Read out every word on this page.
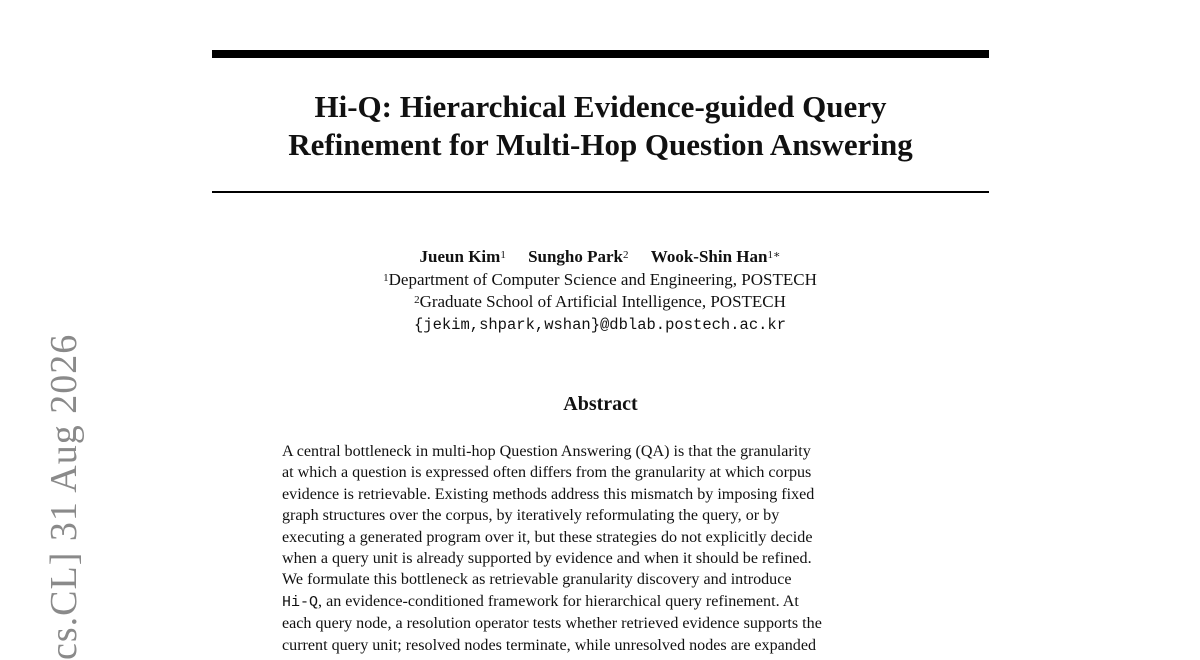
Hi-Q: Hierarchical Evidence-guided Query
Refinement for Multi-Hop Question Answering
Jueun Kim$^1$ Sungho Park$^2$ Wook-Shin Han$^{1∗}$
$^1$Department of Computer Science and Engineering, POSTECH
$^2$Graduate School of Artificial Intelligence, POSTECH
{jekim,shpark,wshan}@dblab.postech.ac.kr
Abstract
A central bottleneck in multi-hop Question Answering (QA) is that the granularity
at which a question is expressed often differs from the granularity at which corpus
evidence is retrievable. Existing methods address this mismatch by imposing fixed
graph structures over the corpus, by iteratively reformulating the query, or by
executing a generated program over it, but these strategies do not explicitly decide
when a query unit is already supported by evidence and when it should be refined.
We formulate this bottleneck as retrievable granularity discovery and introduce
Hi-Q, an evidence-conditioned framework for hierarchical query refinement. At
each query node, a resolution operator tests whether retrieved evidence supports the
current query unit; resolved nodes terminate, while unresolved nodes are expanded
cs.CL] 31 Aug 2026
